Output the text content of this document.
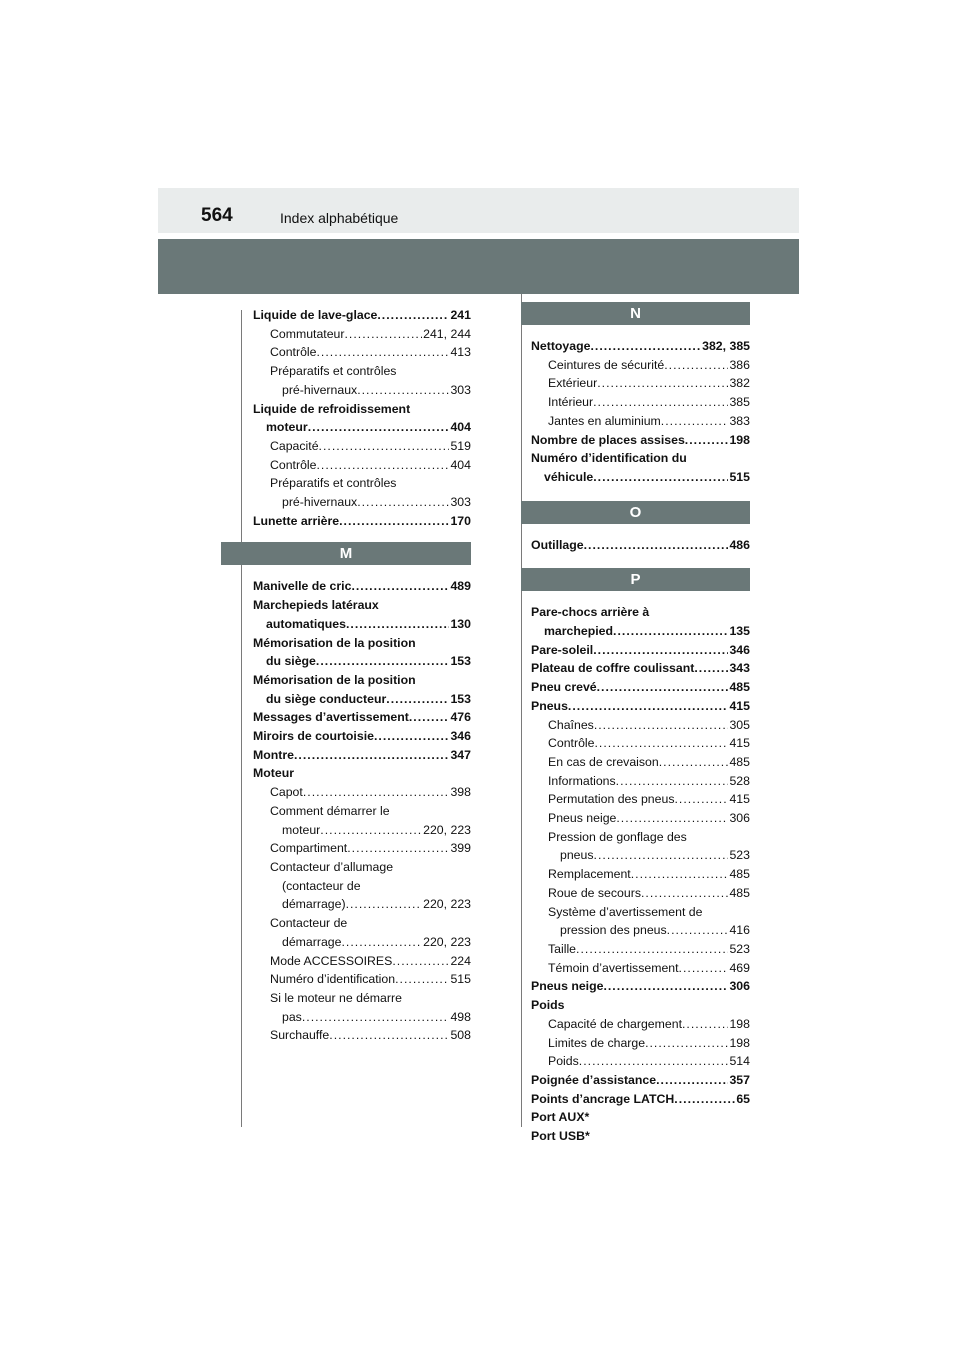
564	Index alphabétique
Liquide de lave-glace . . .	241
Commutateur . . .	241, 244
Contrôle . . .	413
Préparatifs et contrôles
pré-hivernaux . . .	303
Liquide de refroidissement
moteur . . .	404
Capacité . . .	519
Contrôle . . .	404
Préparatifs et contrôles
pré-hivernaux . . .	303
Lunette arrière . . .	170
M
Manivelle de cric . . .	489
Marchepieds latéraux
automatiques . . .	130
Mémorisation de la position
du siège . . .	153
Mémorisation de la position
du siège conducteur . . .	153
Messages d’avertissement . . .	476
Miroirs de courtoisie . . .	346
Montre . . .	347
Moteur
Capot . . .	398
Comment démarrer le
moteur . . .	220, 223
Compartiment . . .	399
Contacteur d’allumage
(contacteur de
démarrage) . . .	220, 223
Contacteur de
démarrage . . .	220, 223
Mode ACCESSOIRES . . .	224
Numéro d’identification . . .	515
Si le moteur ne démarre
pas . . .	498
Surchauffe . . .	508
N
Nettoyage . . .	382, 385
Ceintures de sécurité . . .	386
Extérieur . . .	382
Intérieur . . .	385
Jantes en aluminium . . .	383
Nombre de places assises . . .	198
Numéro d’identification du
véhicule . . .	515
O
Outillage . . .	486
P
Pare-chocs arrière à
marchepied . . .	135
Pare-soleil . . .	346
Plateau de coffre coulissant . . .	343
Pneu crevé . . .	485
Pneus . . .	415
Chaînes . . .	305
Contrôle . . .	415
En cas de crevaison . . .	485
Informations . . .	528
Permutation des pneus . . .	415
Pneus neige . . .	306
Pression de gonflage des
pneus . . .	523
Remplacement . . .	485
Roue de secours . . .	485
Système d’avertissement de
pression des pneus . . .	416
Taille . . .	523
Témoin d’avertissement . . .	469
Pneus neige . . .	306
Poids
Capacité de chargement . . .	198
Limites de charge . . .	198
Poids . . .	514
Poignée d’assistance . . .	357
Points d’ancrage LATCH . . .	65
Port AUX*
Port USB*
